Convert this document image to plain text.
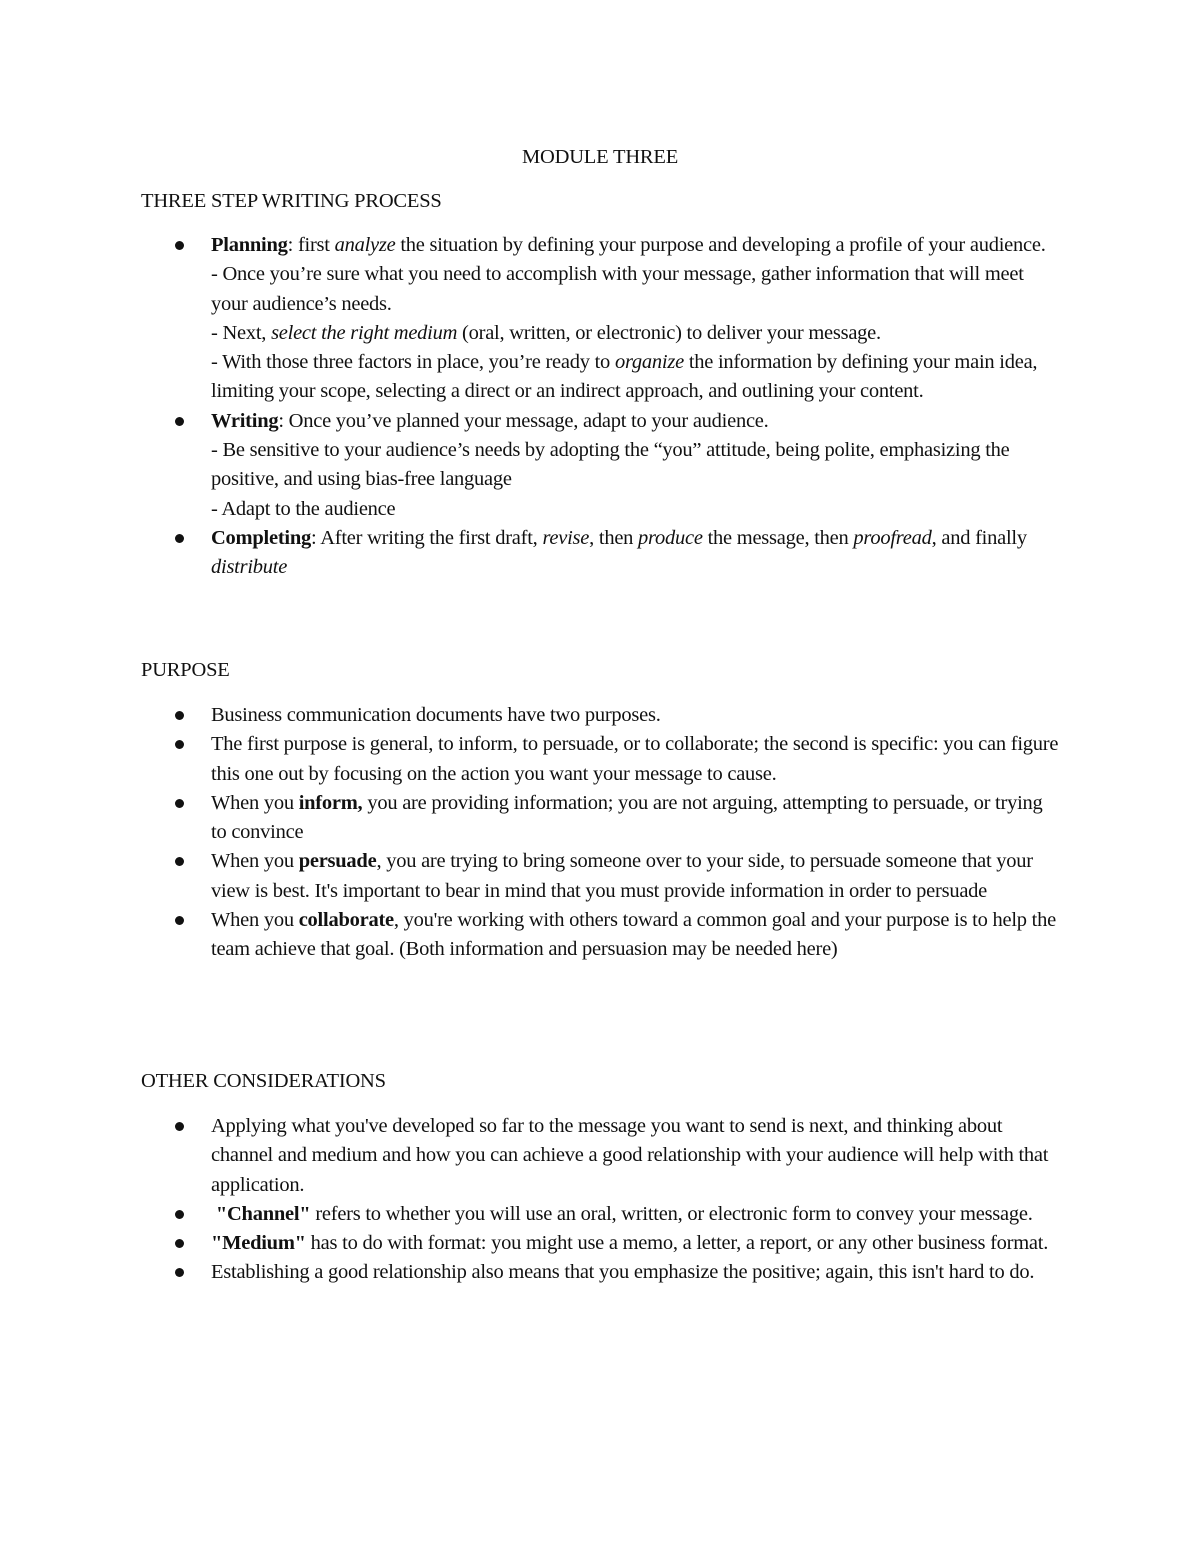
MODULE THREE
THREE STEP WRITING PROCESS
Planning: first analyze the situation by defining your purpose and developing a profile of your audience.
- Once you’re sure what you need to accomplish with your message, gather information that will meet your audience’s needs.
- Next, select the right medium (oral, written, or electronic) to deliver your message.
- With those three factors in place, you’re ready to organize the information by defining your main idea, limiting your scope, selecting a direct or an indirect approach, and outlining your content.
Writing: Once you’ve planned your message, adapt to your audience.
- Be sensitive to your audience’s needs by adopting the “you” attitude, being polite, emphasizing the positive, and using bias-free language
- Adapt to the audience
Completing: After writing the first draft, revise, then produce the message, then proofread, and finally distribute
PURPOSE
Business communication documents have two purposes.
The first purpose is general, to inform, to persuade, or to collaborate; the second is specific: you can figure this one out by focusing on the action you want your message to cause.
When you inform, you are providing information; you are not arguing, attempting to persuade, or trying to convince
When you persuade, you are trying to bring someone over to your side, to persuade someone that your view is best. It's important to bear in mind that you must provide information in order to persuade
When you collaborate, you're working with others toward a common goal and your purpose is to help the team achieve that goal. (Both information and persuasion may be needed here)
OTHER CONSIDERATIONS
Applying what you've developed so far to the message you want to send is next, and thinking about channel and medium and how you can achieve a good relationship with your audience will help with that application.
"Channel" refers to whether you will use an oral, written, or electronic form to convey your message.
"Medium" has to do with format: you might use a memo, a letter, a report, or any other business format.
Establishing a good relationship also means that you emphasize the positive; again, this isn't hard to do.
